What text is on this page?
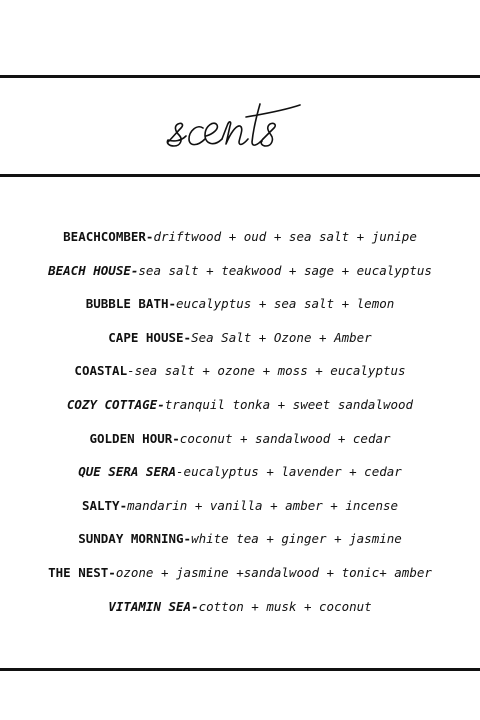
BEACHCOMBER-driftwood + oud + sea salt + junipe
BEACH HOUSE-sea salt + teakwood + sage + eucalyptus
BUBBLE BATH-eucalyptus + sea salt + lemon
CAPE HOUSE-Sea Salt + Ozone + Amber
COASTAL-sea salt + ozone + moss + eucalyptus
COZY COTTAGE-tranquil tonka + sweet sandalwood
GOLDEN HOUR-coconut + sandalwood + cedar
QUE SERA SERA-eucalyptus + lavender + cedar
SALTY-mandarin + vanilla + amber + incense
SUNDAY MORNING-white tea + ginger + jasmine
THE NEST-ozone + jasmine +sandalwood + tonic+ amber
VITAMIN SEA-cotton + musk + coconut
